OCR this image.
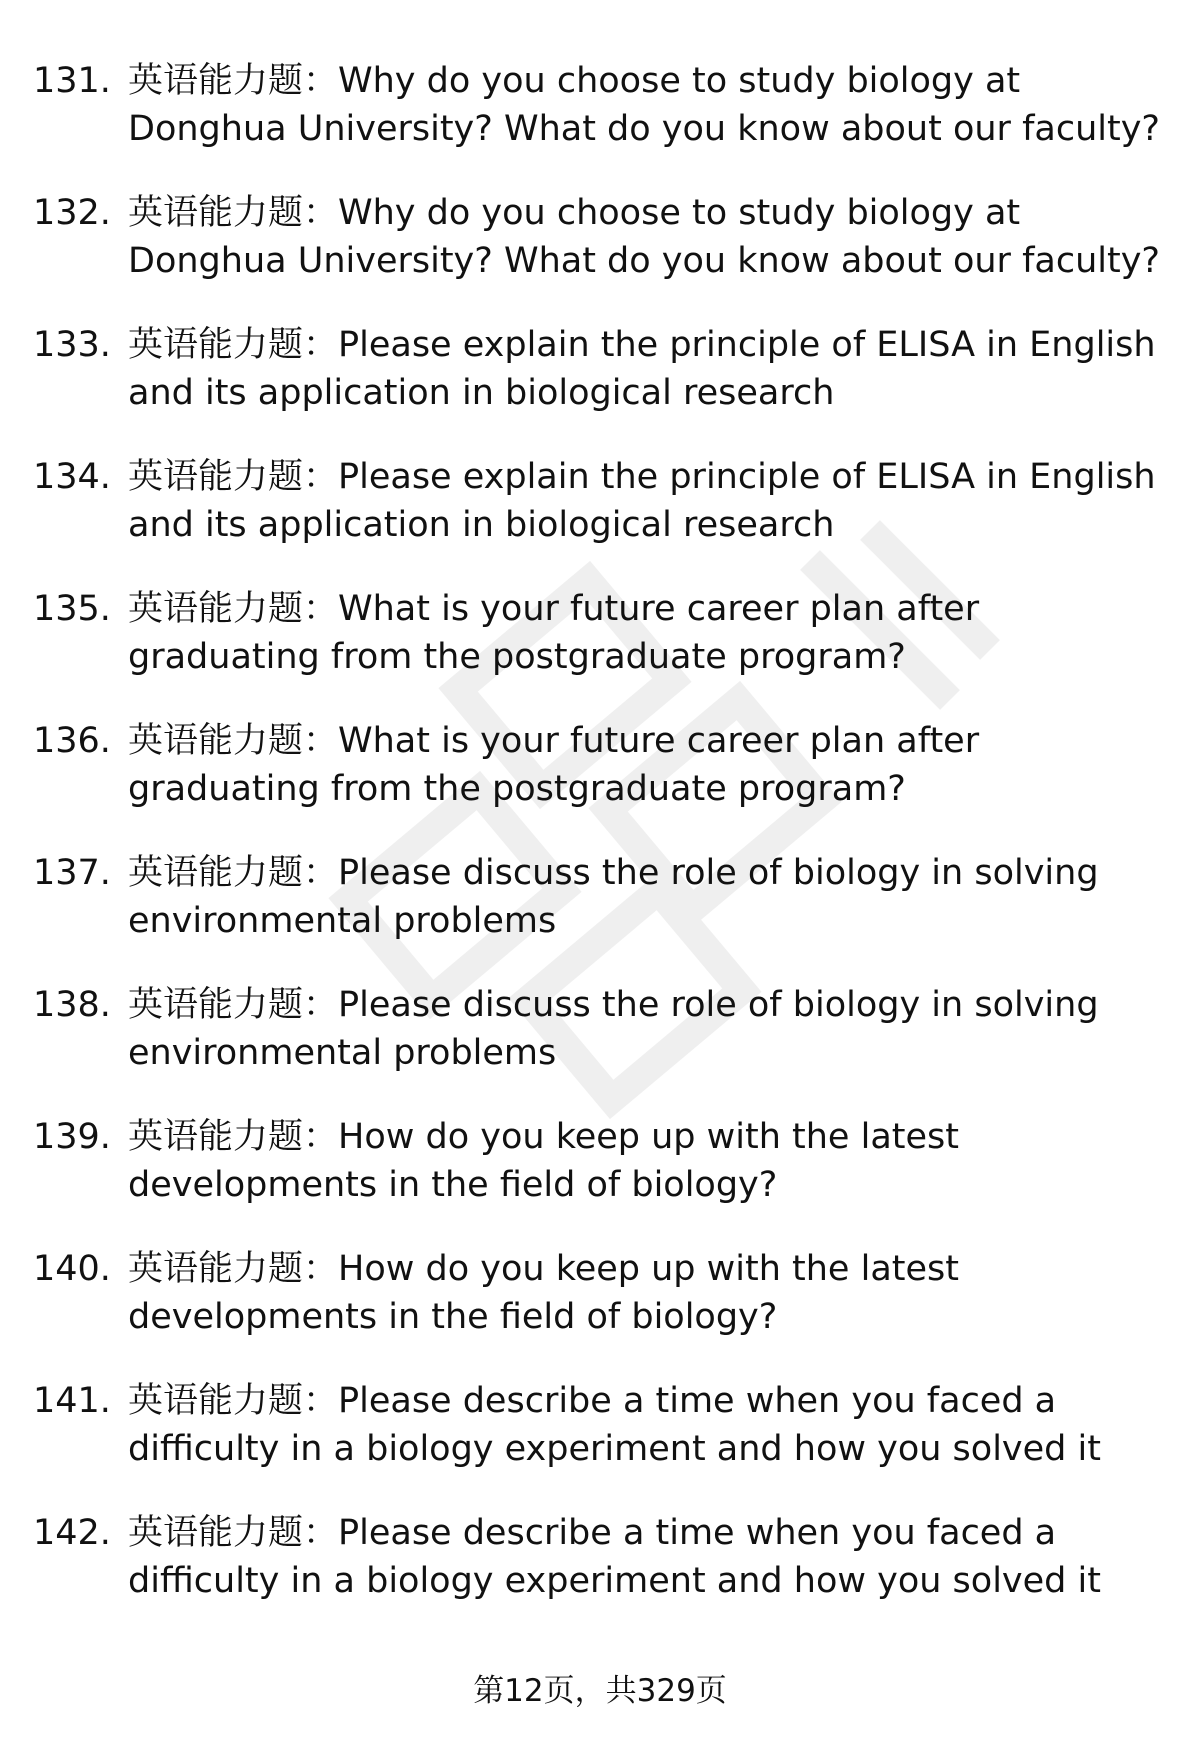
131. 英语能力题：Why do you choose to study biology at Donghua University? What do you know about our faculty?
132. 英语能力题：Why do you choose to study biology at Donghua University? What do you know about our faculty?
133. 英语能力题：Please explain the principle of ELISA in English and its application in biological research
134. 英语能力题：Please explain the principle of ELISA in English and its application in biological research
135. 英语能力题：What is your future career plan after graduating from the postgraduate program?
136. 英语能力题：What is your future career plan after graduating from the postgraduate program?
137. 英语能力题：Please discuss the role of biology in solving environmental problems
138. 英语能力题：Please discuss the role of biology in solving environmental problems
139. 英语能力题：How do you keep up with the latest developments in the field of biology?
140. 英语能力题：How do you keep up with the latest developments in the field of biology?
141. 英语能力题：Please describe a time when you faced a difficulty in a biology experiment and how you solved it
142. 英语能力题：Please describe a time when you faced a difficulty in a biology experiment and how you solved it
第12页，共329页
